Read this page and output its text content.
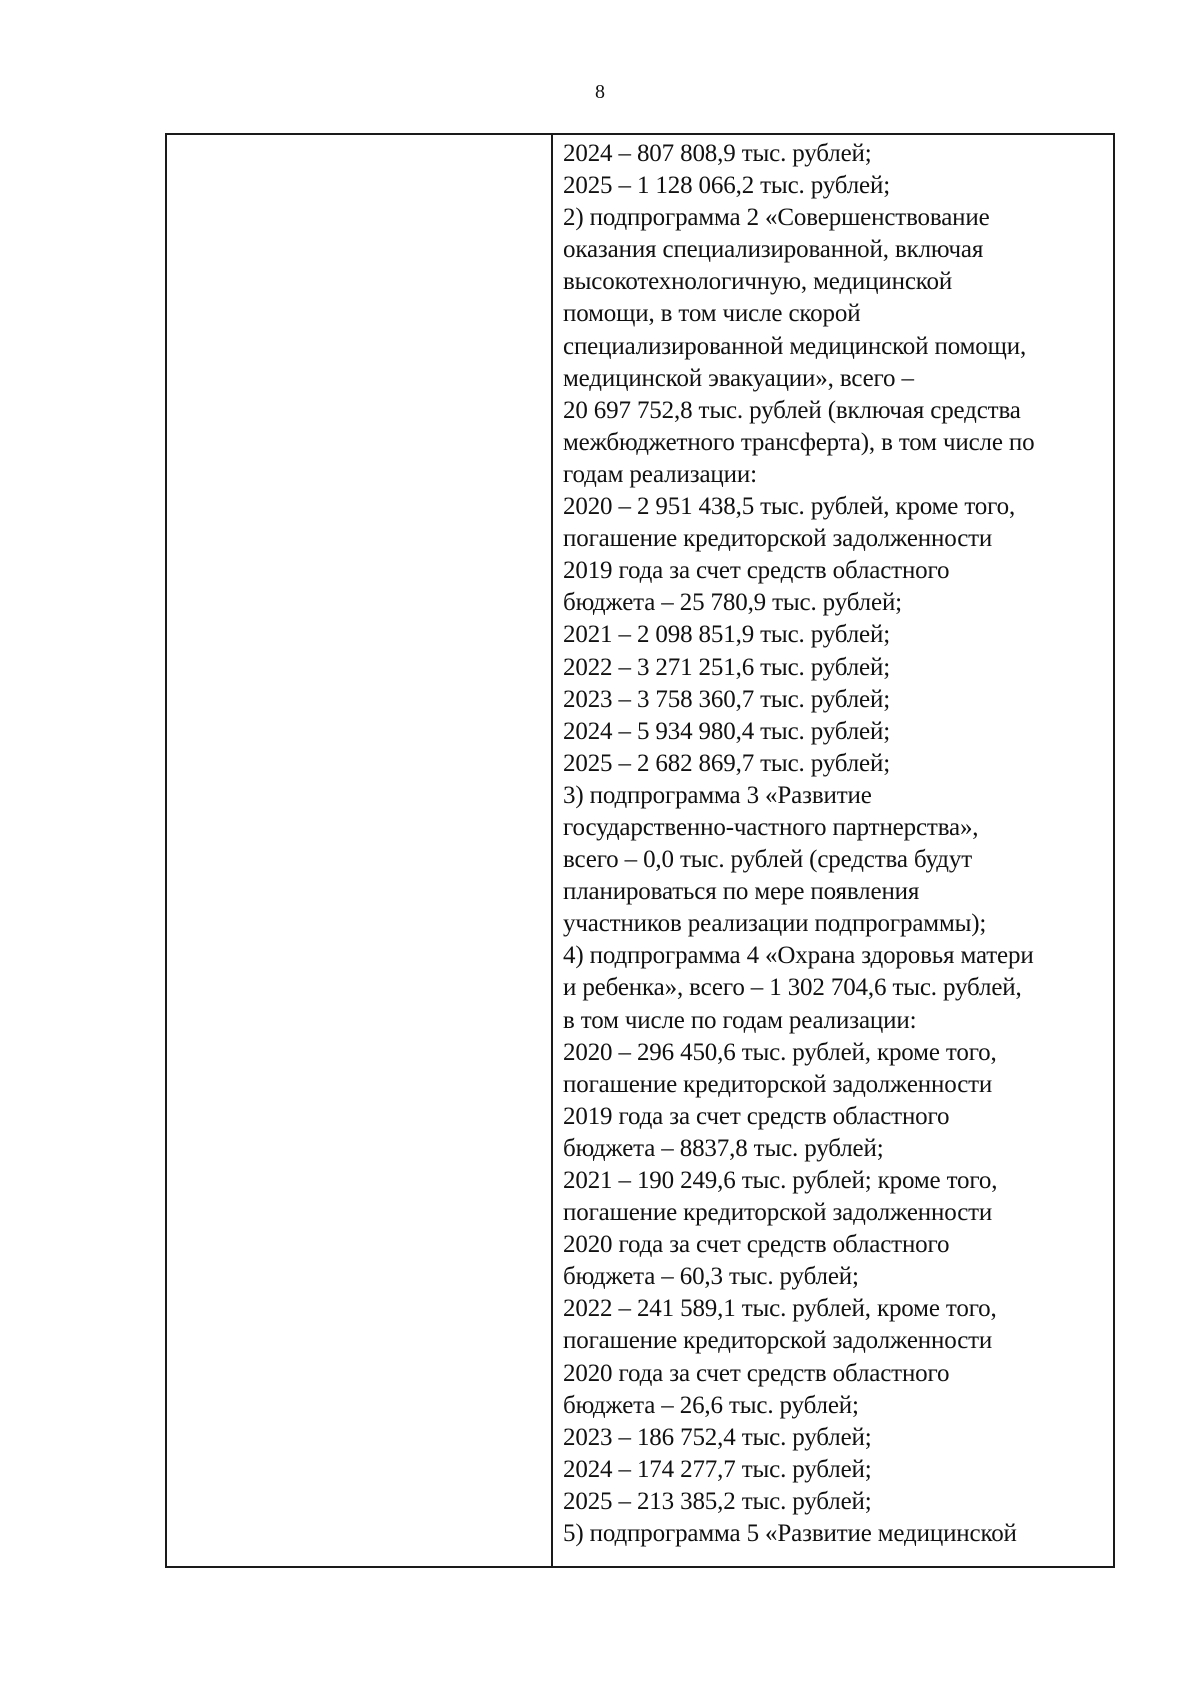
8
2024 – 807 808,9 тыс. рублей;
2025 – 1 128 066,2 тыс. рублей;
2) подпрограмма 2 «Совершенствование
оказания специализированной, включая
высокотехнологичную, медицинской
помощи, в том числе скорой
специализированной медицинской помощи,
медицинской эвакуации», всего –
20 697 752,8 тыс. рублей (включая средства
межбюджетного трансферта), в том числе по
годам реализации:
2020 – 2 951 438,5 тыс. рублей, кроме того,
погашение кредиторской задолженности
2019 года за счет средств областного
бюджета – 25 780,9 тыс. рублей;
2021 – 2 098 851,9 тыс. рублей;
2022 – 3 271 251,6 тыс. рублей;
2023 – 3 758 360,7 тыс. рублей;
2024 – 5 934 980,4 тыс. рублей;
2025 – 2 682 869,7 тыс. рублей;
3) подпрограмма 3 «Развитие
государственно-частного партнерства»,
всего – 0,0 тыс. рублей (средства будут
планироваться по мере появления
участников реализации подпрограммы);
4) подпрограмма 4 «Охрана здоровья матери
и ребенка», всего – 1 302 704,6 тыс. рублей,
в том числе по годам реализации:
2020 – 296 450,6 тыс. рублей, кроме того,
погашение кредиторской задолженности
2019 года за счет средств областного
бюджета – 8837,8 тыс. рублей;
2021 – 190 249,6 тыс. рублей; кроме того,
погашение кредиторской задолженности
2020 года за счет средств областного
бюджета – 60,3 тыс. рублей;
2022 – 241 589,1 тыс. рублей, кроме того,
погашение кредиторской задолженности
2020 года за счет средств областного
бюджета – 26,6 тыс. рублей;
2023 – 186 752,4 тыс. рублей;
2024 – 174 277,7 тыс. рублей;
2025 – 213 385,2 тыс. рублей;
5) подпрограмма 5 «Развитие медицинской
